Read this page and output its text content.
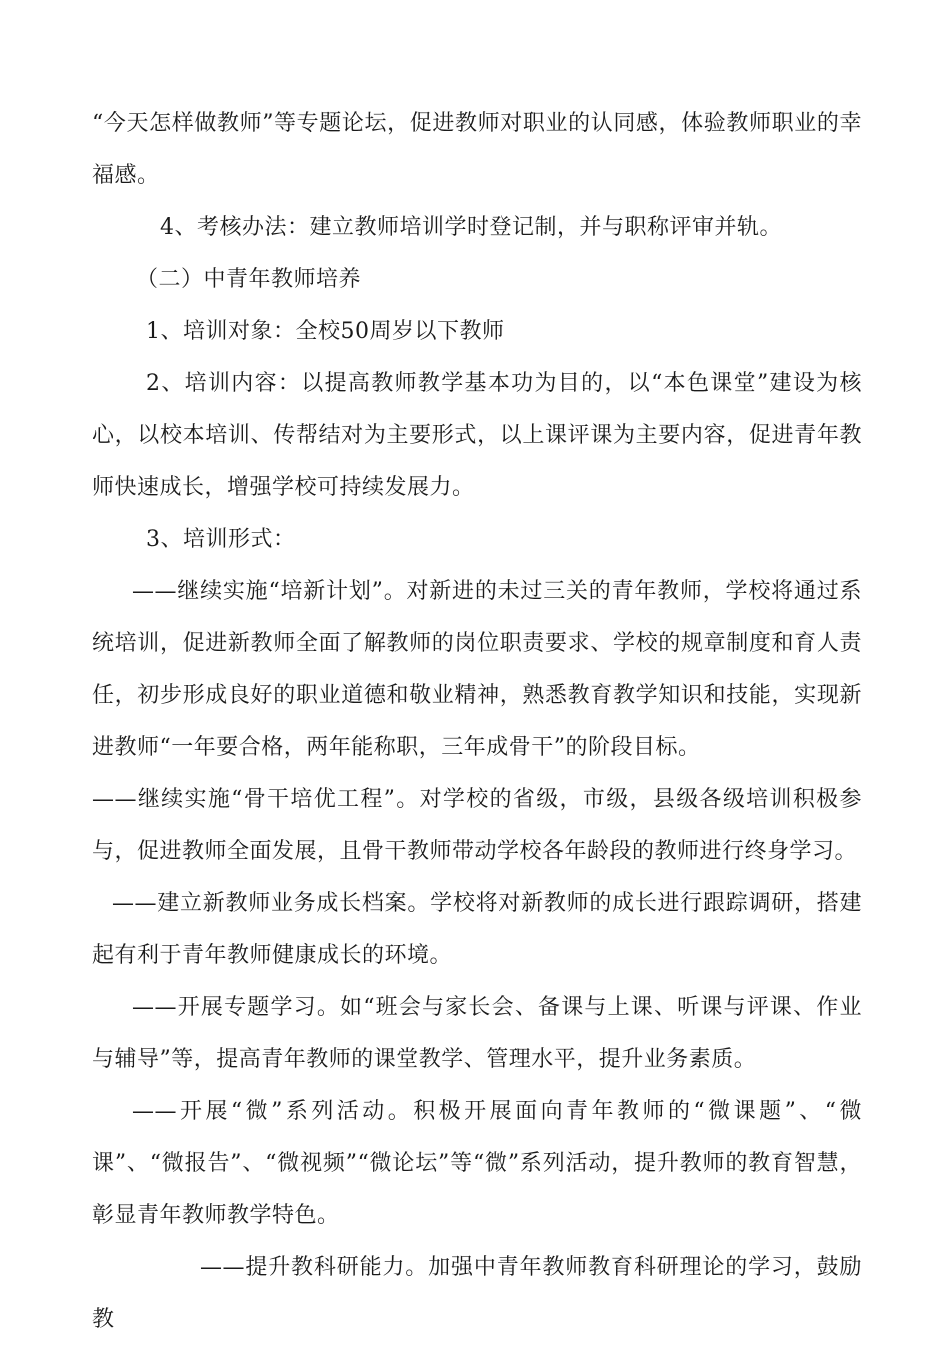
“今天怎样做教师”等专题论坛，促进教师对职业的认同感，体验教师职业的幸福感。

4、考核办法：建立教师培训学时登记制，并与职称评审并轨。

（二）中青年教师培养

1、培训对象：全校50周岁以下教师

2、培训内容：以提高教师教学基本功为目的，以“本色课堂”建设为核心，以校本培训、传帮结对为主要形式，以上课评课为主要内容，促进青年教师快速成长，增强学校可持续发展力。

3、培训形式：

——继续实施“培新计划”。对新进的未过三关的青年教师，学校将通过系统培训，促进新教师全面了解教师的岗位职责要求、学校的规章制度和育人责任，初步形成良好的职业道德和敬业精神，熟悉教育教学知识和技能，实现新进教师“一年要合格，两年能称职，三年成骨干”的阶段目标。

——继续实施“骨干培优工程”。对学校的省级，市级，县级各级培训积极参与，促进教师全面发展，且骨干教师带动学校各年龄段的教师进行终身学习。

——建立新教师业务成长档案。学校将对新教师的成长进行跟踪调研，搭建起有利于青年教师健康成长的环境。

——开展专题学习。如“班会与家长会、备课与上课、听课与评课、作业与辅导”等，提高青年教师的课堂教学、管理水平，提升业务素质。

——开展“微”系列活动。积极开展面向青年教师的“微课题”、“微课”、“微报告”、“微视频”“微论坛”等“微”系列活动，提升教师的教育智慧，彰显青年教师教学特色。

——提升教科研能力。加强中青年教师教育科研理论的学习，鼓励教
